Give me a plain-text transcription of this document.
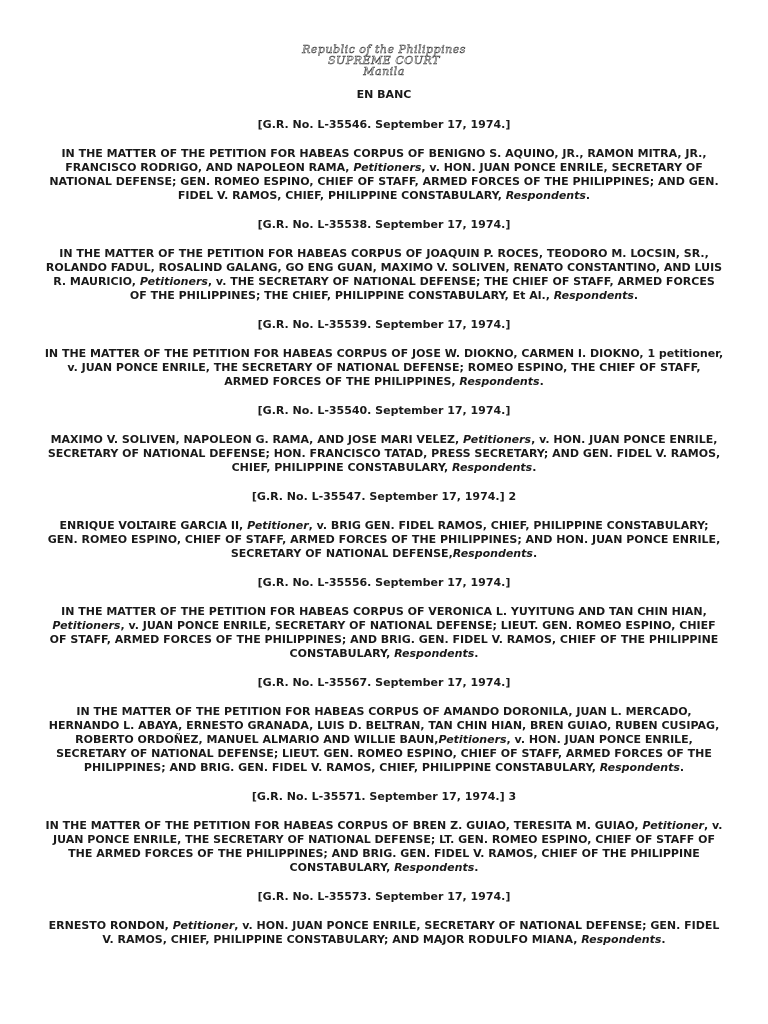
Republic of the Philippines
SUPREME COURT
Manila
EN BANC
[G.R. No. L-35546. September 17, 1974.]
IN THE MATTER OF THE PETITION FOR HABEAS CORPUS OF BENIGNO S. AQUINO, JR., RAMON MITRA, JR., FRANCISCO RODRIGO, AND NAPOLEON RAMA, Petitioners, v. HON. JUAN PONCE ENRILE, SECRETARY OF NATIONAL DEFENSE; GEN. ROMEO ESPINO, CHIEF OF STAFF, ARMED FORCES OF THE PHILIPPINES; AND GEN. FIDEL V. RAMOS, CHIEF, PHILIPPINE CONSTABULARY, Respondents.
[G.R. No. L-35538. September 17, 1974.]
IN THE MATTER OF THE PETITION FOR HABEAS CORPUS OF JOAQUIN P. ROCES, TEODORO M. LOCSIN, SR., ROLANDO FADUL, ROSALIND GALANG, GO ENG GUAN, MAXIMO V. SOLIVEN, RENATO CONSTANTINO, AND LUIS R. MAURICIO, Petitioners, v. THE SECRETARY OF NATIONAL DEFENSE; THE CHIEF OF STAFF, ARMED FORCES OF THE PHILIPPINES; THE CHIEF, PHILIPPINE CONSTABULARY, Et Al., Respondents.
[G.R. No. L-35539. September 17, 1974.]
IN THE MATTER OF THE PETITION FOR HABEAS CORPUS OF JOSE W. DIOKNO, CARMEN I. DIOKNO, 1 petitioner, v. JUAN PONCE ENRILE, THE SECRETARY OF NATIONAL DEFENSE; ROMEO ESPINO, THE CHIEF OF STAFF, ARMED FORCES OF THE PHILIPPINES, Respondents.
[G.R. No. L-35540. September 17, 1974.]
MAXIMO V. SOLIVEN, NAPOLEON G. RAMA, AND JOSE MARI VELEZ, Petitioners, v. HON. JUAN PONCE ENRILE, SECRETARY OF NATIONAL DEFENSE; HON. FRANCISCO TATAD, PRESS SECRETARY; AND GEN. FIDEL V. RAMOS, CHIEF, PHILIPPINE CONSTABULARY, Respondents.
[G.R. No. L-35547. September 17, 1974.] 2
ENRIQUE VOLTAIRE GARCIA II, Petitioner, v. BRIG GEN. FIDEL RAMOS, CHIEF, PHILIPPINE CONSTABULARY; GEN. ROMEO ESPINO, CHIEF OF STAFF, ARMED FORCES OF THE PHILIPPINES; AND HON. JUAN PONCE ENRILE, SECRETARY OF NATIONAL DEFENSE,Respondents.
[G.R. No. L-35556. September 17, 1974.]
IN THE MATTER OF THE PETITION FOR HABEAS CORPUS OF VERONICA L. YUYITUNG AND TAN CHIN HIAN, Petitioners, v. JUAN PONCE ENRILE, SECRETARY OF NATIONAL DEFENSE; LIEUT. GEN. ROMEO ESPINO, CHIEF OF STAFF, ARMED FORCES OF THE PHILIPPINES; AND BRIG. GEN. FIDEL V. RAMOS, CHIEF OF THE PHILIPPINE CONSTABULARY, Respondents.
[G.R. No. L-35567. September 17, 1974.]
IN THE MATTER OF THE PETITION FOR HABEAS CORPUS OF AMANDO DORONILA, JUAN L. MERCADO, HERNANDO L. ABAYA, ERNESTO GRANADA, LUIS D. BELTRAN, TAN CHIN HIAN, BREN GUIAO, RUBEN CUSIPAG, ROBERTO ORDOÑEZ, MANUEL ALMARIO AND WILLIE BAUN,Petitioners, v. HON. JUAN PONCE ENRILE, SECRETARY OF NATIONAL DEFENSE; LIEUT. GEN. ROMEO ESPINO, CHIEF OF STAFF, ARMED FORCES OF THE PHILIPPINES; AND BRIG. GEN. FIDEL V. RAMOS, CHIEF, PHILIPPINE CONSTABULARY, Respondents.
[G.R. No. L-35571. September 17, 1974.] 3
IN THE MATTER OF THE PETITION FOR HABEAS CORPUS OF BREN Z. GUIAO, TERESITA M. GUIAO, Petitioner, v. JUAN PONCE ENRILE, THE SECRETARY OF NATIONAL DEFENSE; LT. GEN. ROMEO ESPINO, CHIEF OF STAFF OF THE ARMED FORCES OF THE PHILIPPINES; AND BRIG. GEN. FIDEL V. RAMOS, CHIEF OF THE PHILIPPINE CONSTABULARY, Respondents.
[G.R. No. L-35573. September 17, 1974.]
ERNESTO RONDON, Petitioner, v. HON. JUAN PONCE ENRILE, SECRETARY OF NATIONAL DEFENSE; GEN. FIDEL V. RAMOS, CHIEF, PHILIPPINE CONSTABULARY; AND MAJOR RODULFO MIANA, Respondents.
